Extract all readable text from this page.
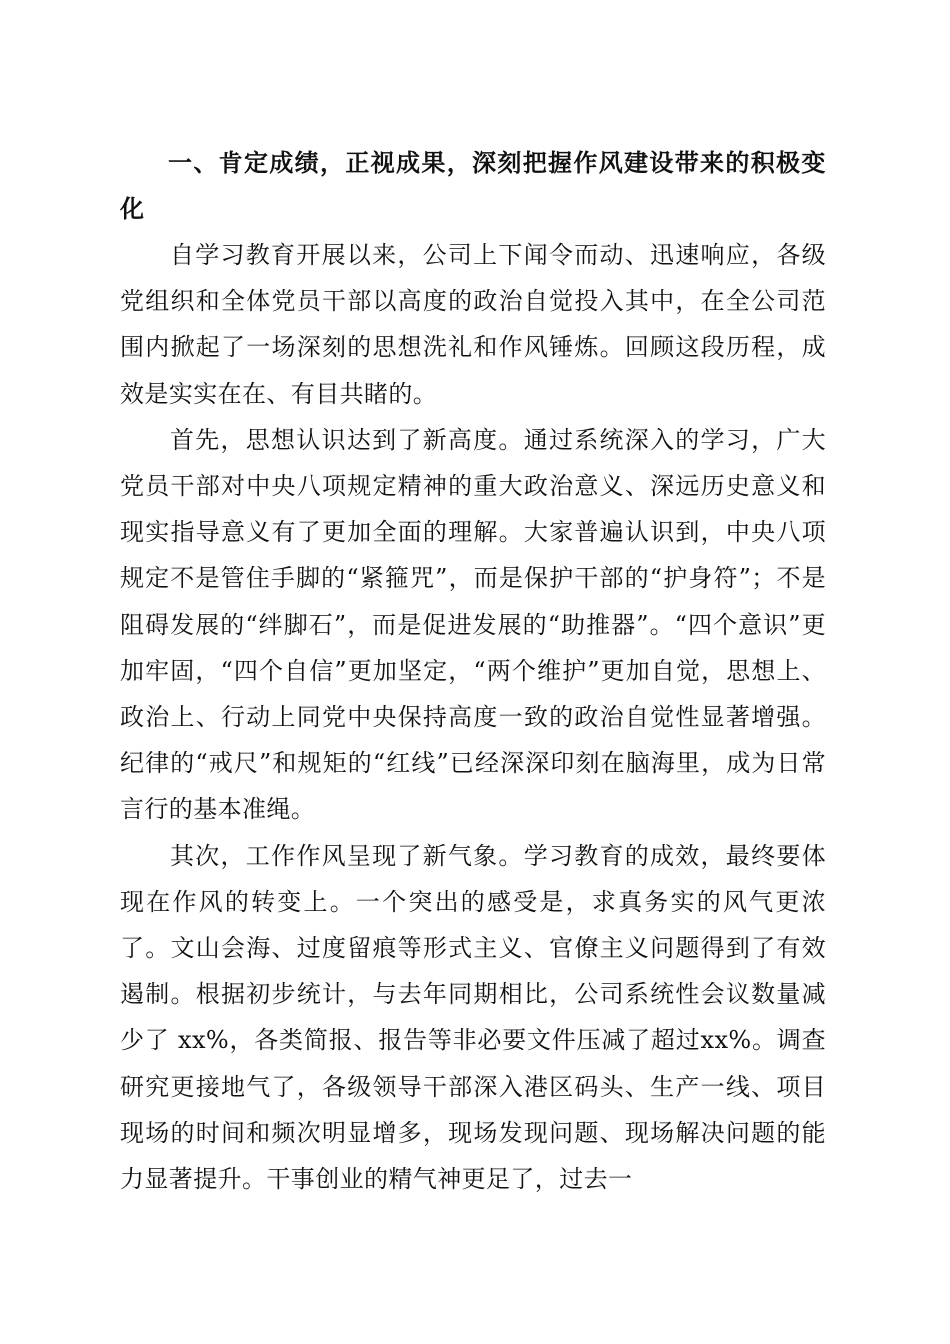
一、肯定成绩，正视成果，深刻把握作风建设带来的积极变化

自学习教育开展以来，公司上下闻令而动、迅速响应，各级党组织和全体党员干部以高度的政治自觉投入其中，在全公司范围内掀起了一场深刻的思想洗礼和作风锤炼。回顾这段历程，成效是实实在在、有目共睹的。

首先，思想认识达到了新高度。通过系统深入的学习，广大党员干部对中央八项规定精神的重大政治意义、深远历史意义和现实指导意义有了更加全面的理解。大家普遍认识到，中央八项规定不是管住手脚的“紧箍咒”，而是保护干部的“护身符”；不是阻碍发展的“绊脚石”，而是促进发展的“助推器”。“四个意识”更加牢固，“四个自信”更加坚定，“两个维护”更加自觉，思想上、政治上、行动上同党中央保持高度一致的政治自觉性显著增强。纪律的“戒尺”和规矩的“红线”已经深深印刻在脑海里，成为日常言行的基本准绳。

其次，工作作风呈现了新气象。学习教育的成效，最终要体现在作风的转变上。一个突出的感受是，求真务实的风气更浓了。文山会海、过度留痕等形式主义、官僚主义问题得到了有效遏制。根据初步统计，与去年同期相比，公司系统性会议数量减少了 xx%，各类简报、报告等非必要文件压减了超过xx%。调查研究更接地气了，各级领导干部深入港区码头、生产一线、项目现场的时间和频次明显增多，现场发现问题、现场解决问题的能力显著提升。干事创业的精气神更足了，过去一
